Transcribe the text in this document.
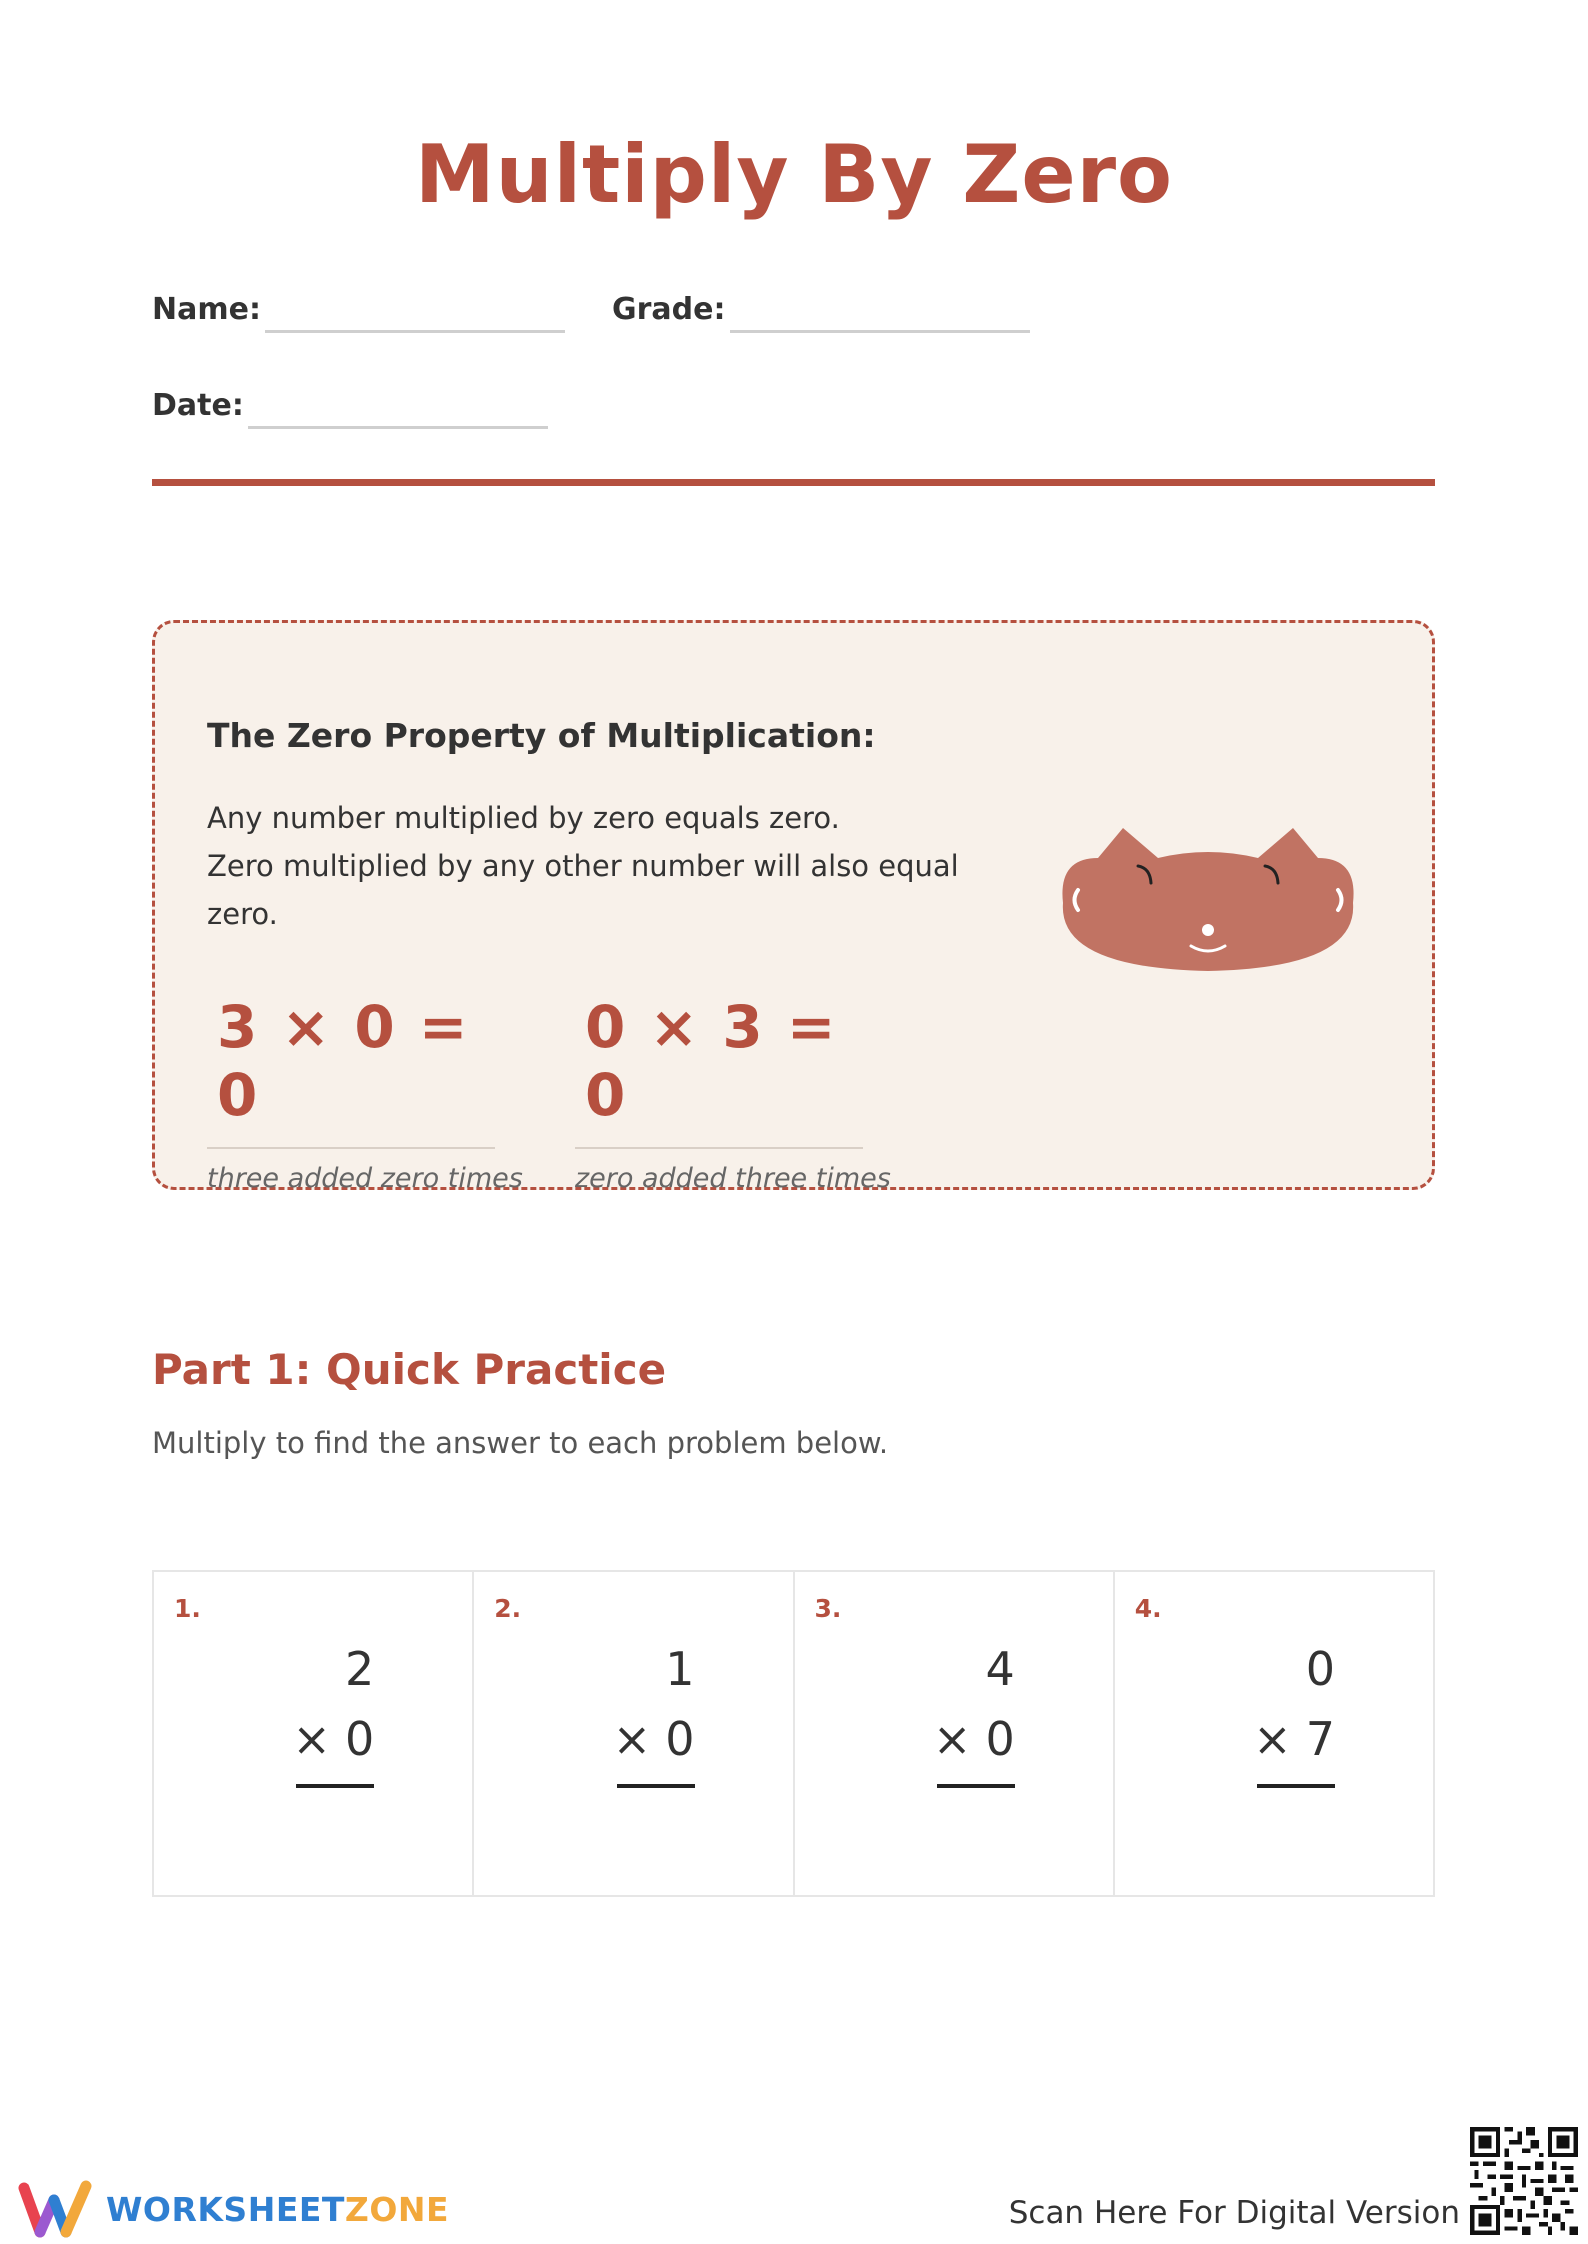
Multiply By Zero
Name:	Grade:
Date:
The Zero Property of Multiplication:
Any number multiplied by zero equals zero.
Zero multiplied by any other number will also equal
zero.
3 × 0 = 0
three added zero times
0 × 3 = 0
zero added three times
Part 1: Quick Practice
Multiply to find the answer to each problem below.
1.
2
× 0
2.
1
× 0
3.
4
× 0
4.
0
× 7
WORKSHEETZONE	Scan Here For Digital Version
